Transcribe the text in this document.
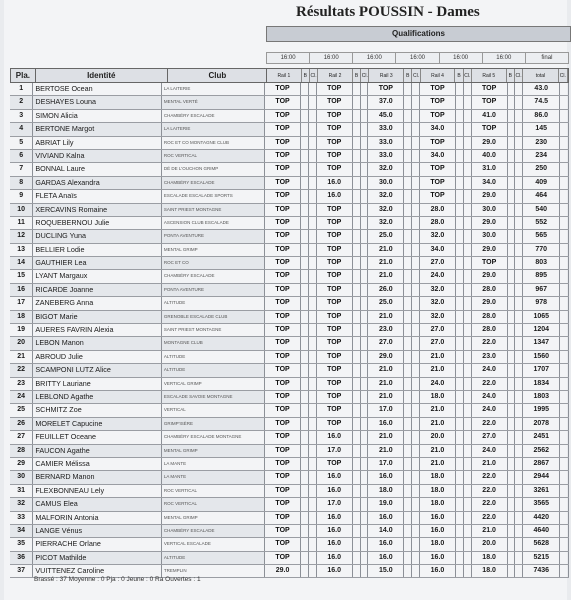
Résultats POUSSIN - Dames
Qualifications
16:00	16:00	16:00	16:00	16:00	16:00	final
Pla.	Identité	Club	Rail 1	B Cl.	Rail 2	B Cl.	Rail 3	B Cl.	Rail 4	B Cl.	Rail 5	B Cl.	total	Cl.
1	BERTOSE Ocean	LA LAITERIE	TOP	TOP	TOP	TOP	TOP	43.0
2	DESHAYES Louna	MENTAL VERTÉ	TOP	TOP	37.0	TOP	TOP	74.5
3	SIMON Alicia	CHAMBÉRY ESCALADE	TOP	TOP	45.0	TOP	41.0	86.0
4	BERTONE Margot	LA LAITERIE	TOP	TOP	33.0	34.0	TOP	145
5	ABRIAT Lily	ROC ET CO MONTAGNE CLUB	TOP	TOP	33.0	TOP	29.0	230
6	VIVIAND Kalna	ROC VERTICAL	TOP	TOP	33.0	34.0	40.0	234
7	BONNAL Laure	DÉ DE L'OUCHON GRIMP	TOP	TOP	32.0	TOP	31.0	250
8	GARDAS Alexandra	CHAMBÉRY ESCALADE	TOP	16.0	30.0	TOP	34.0	409
9	FLETA Anaïs	ESCALADE ESCALADE SPORTS	TOP	16.0	32.0	TOP	29.0	464
10	XERCAVINS Romaine	SAINT PRIEST MONTAGNE	TOP	TOP	32.0	28.0	30.0	540
11	ROQUEBERNOU Julie	ASCENSION CLUB ESCALADE	TOP	TOP	32.0	28.0	29.0	552
12	DUCLING Yuna	PONTA AVENTURE	TOP	TOP	25.0	32.0	30.0	565
13	BELLIER Lodie	MENTAL GRIMP	TOP	TOP	21.0	34.0	29.0	770
14	GAUTHIER Lea	ROC ET CO	TOP	TOP	21.0	27.0	TOP	803
15	LYANT Margaux	CHAMBÉRY ESCALADE	TOP	TOP	21.0	24.0	29.0	895
16	RICARDE Joanne	PONTA AVENTURE	TOP	TOP	26.0	32.0	28.0	967
17	ZANEBERG Anna	ALTITUDE	TOP	TOP	25.0	32.0	29.0	978
18	BIGOT Marie	GRENOBLE ESCALADE CLUB	TOP	TOP	21.0	32.0	28.0	1065
19	AUERES FAVRIN Alexia	SAINT PRIEST MONTAGNE	TOP	TOP	23.0	27.0	28.0	1204
20	LEBON Manon	MONTAGNE CLUB	TOP	TOP	27.0	27.0	22.0	1347
21	ABROUD Julie	ALTITUDE	TOP	TOP	29.0	21.0	23.0	1560
22	SCAMPONI LUTZ Alice	ALTITUDE	TOP	TOP	21.0	21.0	24.0	1707
23	BRITTY Lauriane	VERTICAL GRIMP	TOP	TOP	21.0	24.0	22.0	1834
24	LEBLOND Agathe	ESCALADE SAVOIE MONTAGNE	TOP	TOP	21.0	18.0	24.0	1803
25	SCHMITZ Zoe	VERTICAL	TOP	TOP	17.0	21.0	24.0	1995
26	MORELET Capucine	GRIMP'ISÈRE	TOP	TOP	16.0	21.0	22.0	2078
27	FEUILLET Oceane	CHAMBÉRY ESCALADE MONTAGNE	TOP	16.0	21.0	20.0	27.0	2451
28	FAUCON Agathe	MENTAL GRIMP	TOP	17.0	21.0	21.0	24.0	2562
29	CAMIER Mélissa	LA MANTE	TOP	TOP	17.0	21.0	21.0	2867
30	BERNARD Manon	LA MANTE	TOP	16.0	16.0	18.0	22.0	2944
31	FLEXBONNEAU Lely	ROC VERTICAL	TOP	16.0	18.0	18.0	22.0	3261
32	CAMUS Elea	ROC VERTICAL	TOP	17.0	19.0	18.0	22.0	3565
33	MALFORIN Antonia	MENTAL GRIMP	TOP	16.0	16.0	16.0	22.0	4420
34	LANGE Vénus	CHAMBÉRY ESCALADE	TOP	16.0	14.0	16.0	21.0	4640
35	PIERRACHE Orlane	VERTICAL ESCALADE	TOP	16.0	16.0	18.0	20.0	5628
36	PICOT Mathilde	ALTITUDE	TOP	16.0	16.0	16.0	18.0	5215
37	VUITTENEZ Caroline	TREMPLIN	29.0	16.0	15.0	16.0	18.0	7436
Brassé : 37 Moyenne : 0 Pja : 0 Jeune : 0 Ra Ouvertes : 1
